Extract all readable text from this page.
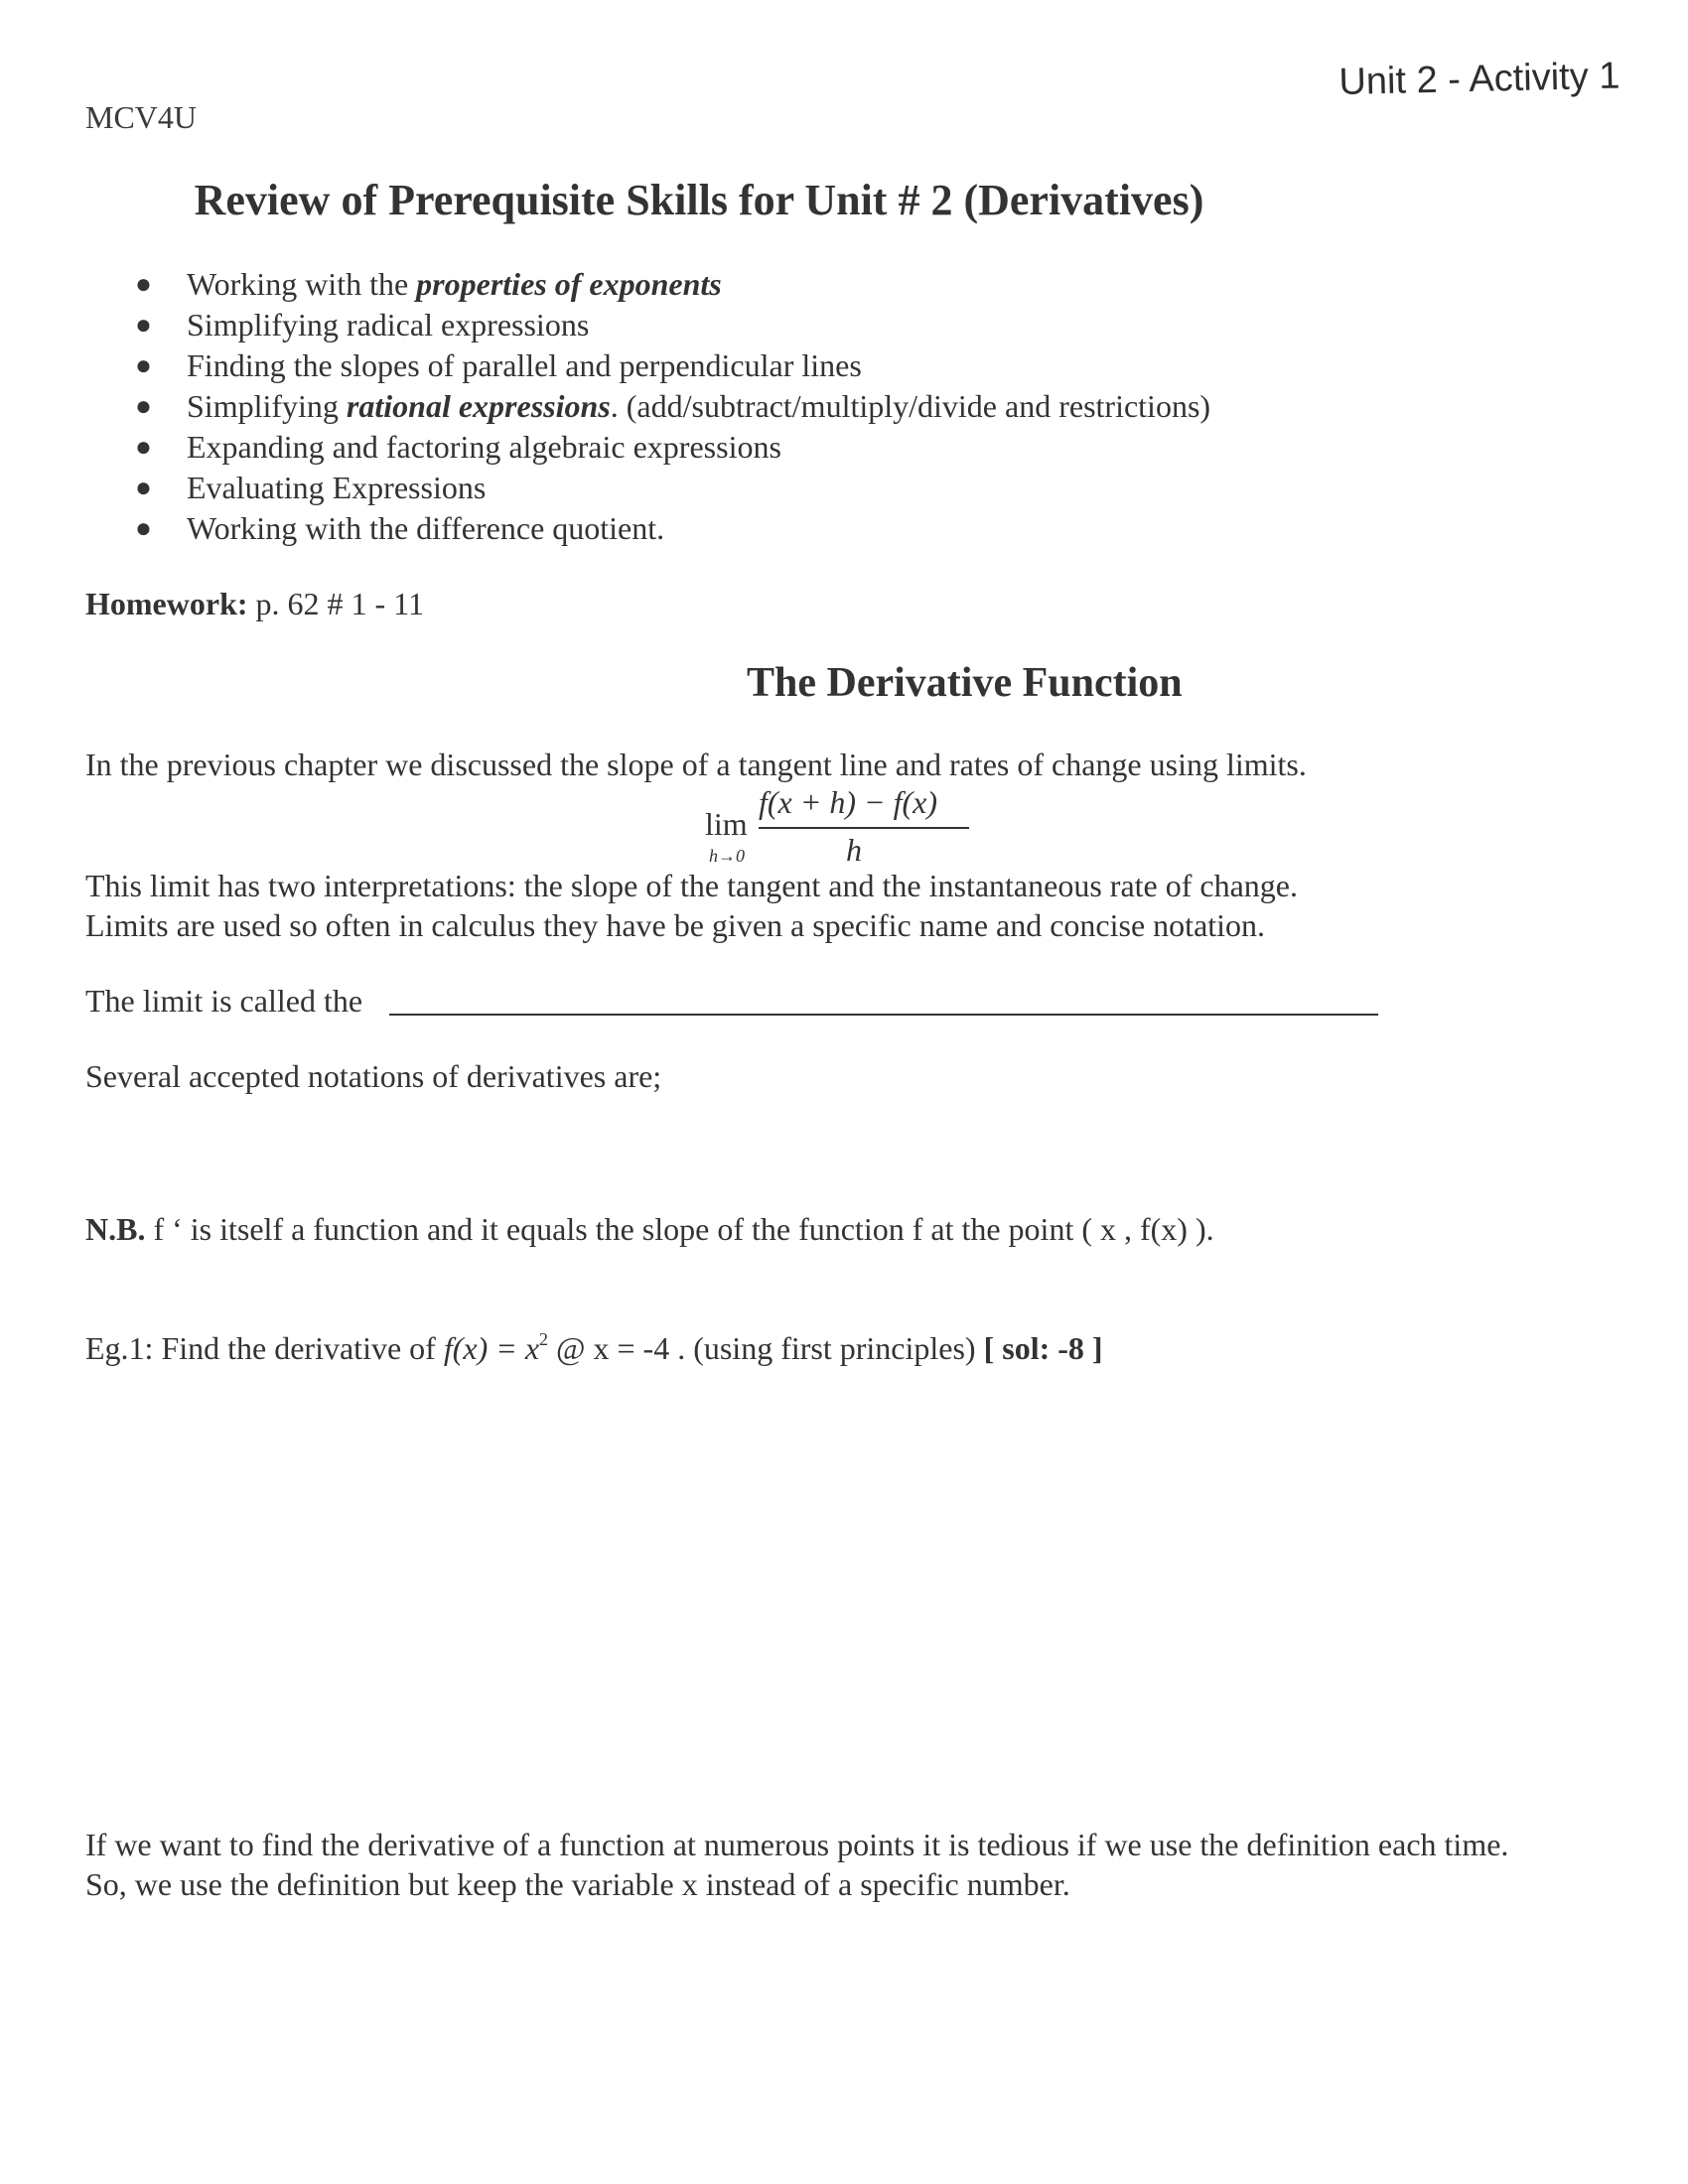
MCV4U
Unit 2 - Activity 1
Review of Prerequisite Skills for Unit # 2 (Derivatives)
● Working with the properties of exponents
● Simplifying radical expressions
● Finding the slopes of parallel and perpendicular lines
● Simplifying rational expressions. (add/subtract/multiply/divide and restrictions)
● Expanding and factoring algebraic expressions
● Evaluating Expressions
● Working with the difference quotient.
Homework: p. 62 # 1 - 11
The Derivative Function
In the previous chapter we discussed the slope of a tangent line and rates of change using limits.
lim
h→0
f(x + h) − f(x)
h
This limit has two interpretations: the slope of the tangent and the instantaneous rate of change.
Limits are used so often in calculus they have be given a specific name and concise notation.
The limit is called the
Several accepted notations of derivatives are;
N.B. f ‘ is itself a function and it equals the slope of the function f at the point ( x , f(x) ).
Eg.1: Find the derivative of $f(x) = x^2$ @ x = -4 . (using first principles) [ sol: -8 ]
If we want to find the derivative of a function at numerous points it is tedious if we use the definition each time.
So, we use the definition but keep the variable x instead of a specific number.
